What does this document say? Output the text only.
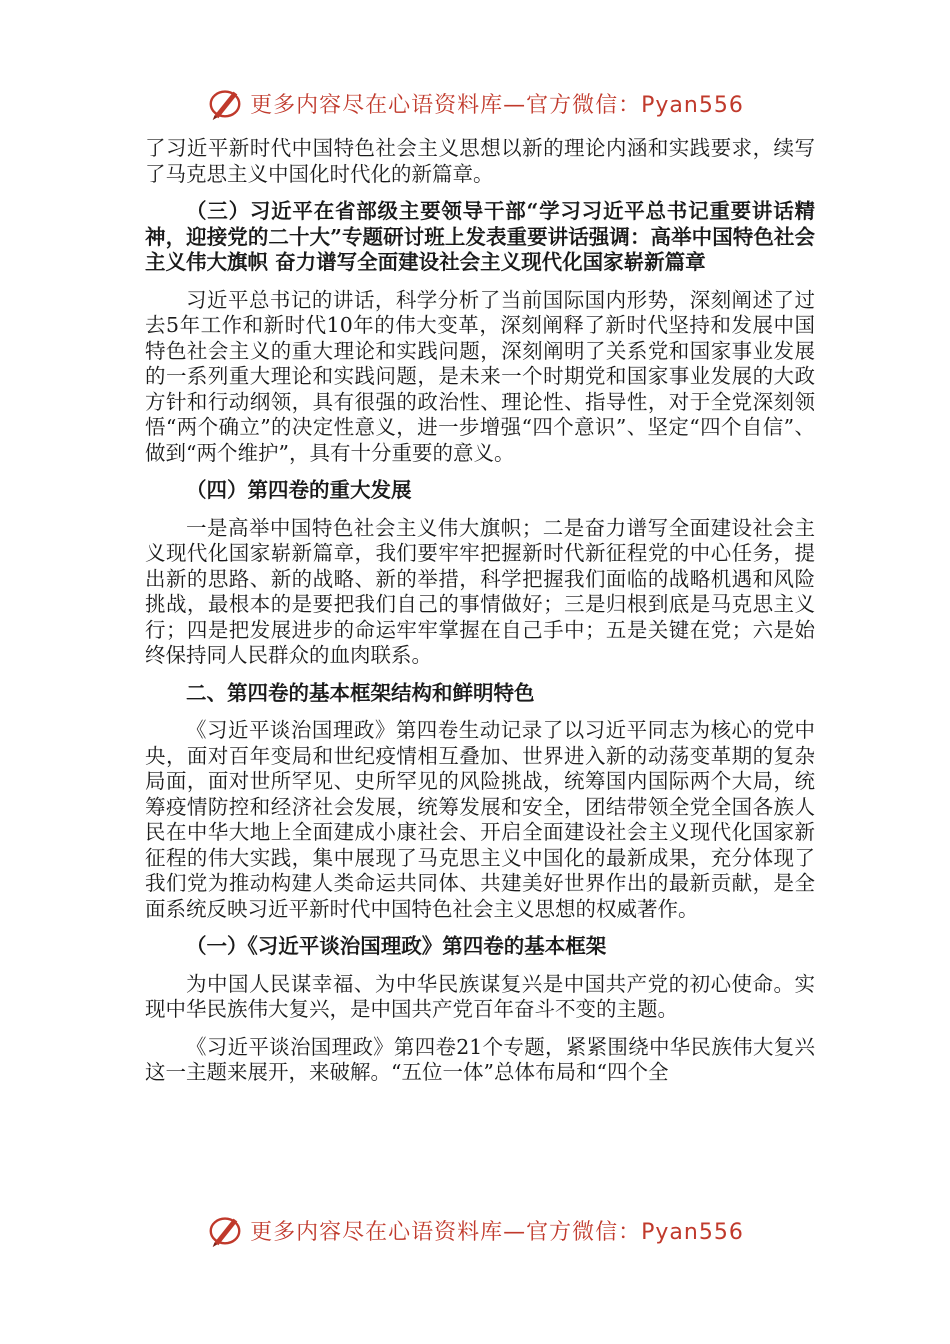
更多内容尽在心语资料库—官方微信：Pyan556

了习近平新时代中国特色社会主义思想以新的理论内涵和实践要求，续写了马克思主义中国化时代化的新篇章。

（三）习近平在省部级主要领导干部“学习习近平总书记重要讲话精神，迎接党的二十大”专题研讨班上发表重要讲话强调：高举中国特色社会主义伟大旗帜 奋力谱写全面建设社会主义现代化国家崭新篇章

习近平总书记的讲话，科学分析了当前国际国内形势，深刻阐述了过去5年工作和新时代10年的伟大变革，深刻阐释了新时代坚持和发展中国特色社会主义的重大理论和实践问题，深刻阐明了关系党和国家事业发展的一系列重大理论和实践问题，是未来一个时期党和国家事业发展的大政方针和行动纲领，具有很强的政治性、理论性、指导性，对于全党深刻领悟“两个确立”的决定性意义，进一步增强“四个意识”、坚定“四个自信”、做到“两个维护”，具有十分重要的意义。

（四）第四卷的重大发展

一是高举中国特色社会主义伟大旗帜；二是奋力谱写全面建设社会主义现代化国家崭新篇章，我们要牢牢把握新时代新征程党的中心任务，提出新的思路、新的战略、新的举措，科学把握我们面临的战略机遇和风险挑战，最根本的是要把我们自己的事情做好；三是归根到底是马克思主义行；四是把发展进步的命运牢牢掌握在自己手中；五是关键在党；六是始终保持同人民群众的血肉联系。

二、第四卷的基本框架结构和鲜明特色

《习近平谈治国理政》第四卷生动记录了以习近平同志为核心的党中央，面对百年变局和世纪疫情相互叠加、世界进入新的动荡变革期的复杂局面，面对世所罕见、史所罕见的风险挑战，统筹国内国际两个大局，统筹疫情防控和经济社会发展，统筹发展和安全，团结带领全党全国各族人民在中华大地上全面建成小康社会、开启全面建设社会主义现代化国家新征程的伟大实践，集中展现了马克思主义中国化的最新成果，充分体现了我们党为推动构建人类命运共同体、共建美好世界作出的最新贡献，是全面系统反映习近平新时代中国特色社会主义思想的权威著作。

（一）《习近平谈治国理政》第四卷的基本框架

为中国人民谋幸福、为中华民族谋复兴是中国共产党的初心使命。实现中华民族伟大复兴，是中国共产党百年奋斗不变的主题。

《习近平谈治国理政》第四卷21个专题，紧紧围绕中华民族伟大复兴这一主题来展开，来破解。“五位一体”总体布局和“四个全

更多内容尽在心语资料库—官方微信：Pyan556
